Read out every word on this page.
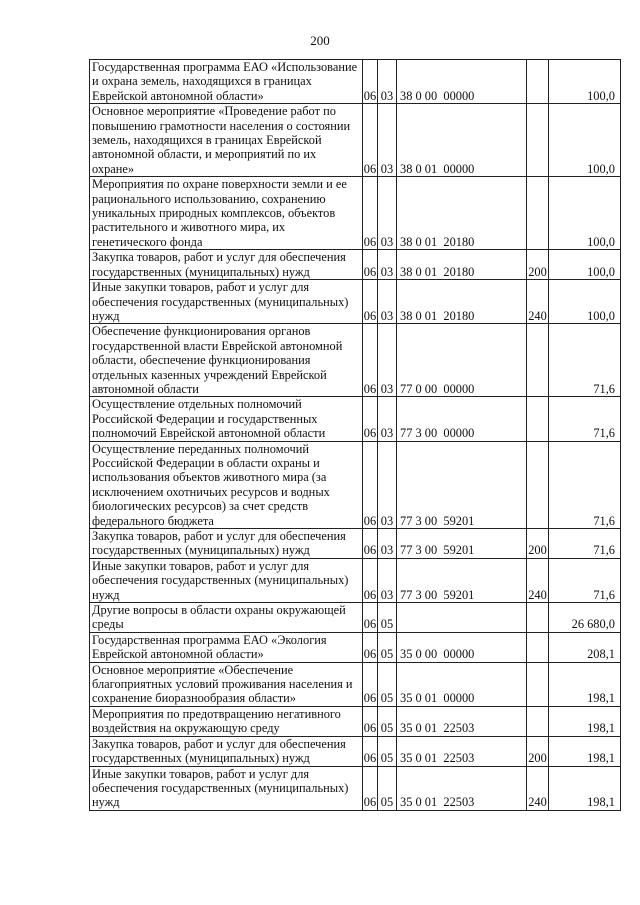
200
Государственная программа ЕАО «Использование и охрана земель, находящихся в границах Еврейской автономной области»	06	03	38 0 00  00000		100,0
Основное мероприятие «Проведение работ по повышению грамотности населения о состоянии земель, находящихся в границах Еврейской автономной области, и мероприятий по их охране»	06	03	38 0 01  00000		100,0
Мероприятия по охране поверхности земли и ее рационального использованию, сохранению уникальных природных комплексов, объектов растительного и животного мира, их генетического фонда	06	03	38 0 01  20180		100,0
Закупка товаров, работ и услуг для обеспечения государственных (муниципальных) нужд	06	03	38 0 01  20180	200	100,0
Иные закупки товаров, работ и услуг для обеспечения государственных (муниципальных) нужд	06	03	38 0 01  20180	240	100,0
Обеспечение функционирования органов государственной власти Еврейской автономной области, обеспечение функционирования отдельных казенных учреждений Еврейской автономной области	06	03	77 0 00  00000		71,6
Осуществление отдельных полномочий Российской Федерации и государственных полномочий Еврейской автономной области	06	03	77 3 00  00000		71,6
Осуществление переданных полномочий Российской Федерации в области охраны и использования объектов животного мира (за исключением охотничьих ресурсов и водных биологических ресурсов) за счет средств федерального бюджета	06	03	77 3 00  59201		71,6
Закупка товаров, работ и услуг для обеспечения государственных (муниципальных) нужд	06	03	77 3 00  59201	200	71,6
Иные закупки товаров, работ и услуг для обеспечения государственных (муниципальных) нужд	06	03	77 3 00  59201	240	71,6
Другие вопросы в области охраны окружающей среды	06	05			26 680,0
Государственная программа ЕАО «Экология Еврейской автономной области»	06	05	35 0 00  00000		208,1
Основное мероприятие «Обеспечение благоприятных условий проживания населения и сохранение биоразнообразия области»	06	05	35 0 01  00000		198,1
Мероприятия по предотвращению негативного воздействия на окружающую среду	06	05	35 0 01  22503		198,1
Закупка товаров, работ и услуг для обеспечения государственных (муниципальных) нужд	06	05	35 0 01  22503	200	198,1
Иные закупки товаров, работ и услуг для обеспечения государственных (муниципальных) нужд	06	05	35 0 01  22503	240	198,1
